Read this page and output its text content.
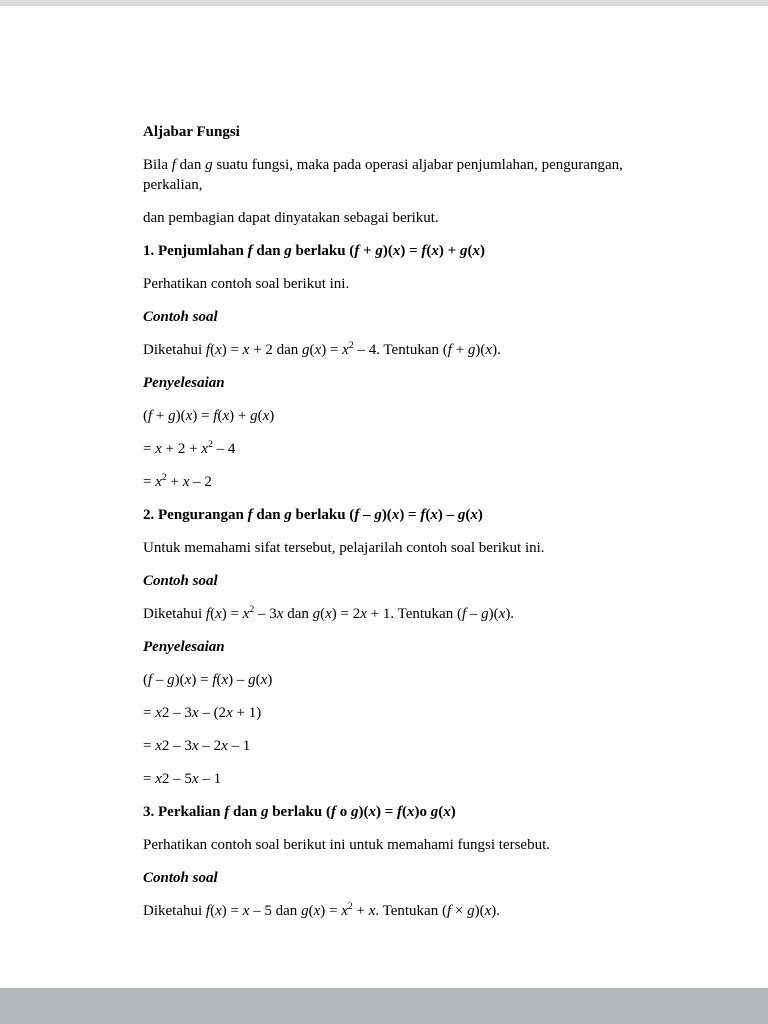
Aljabar Fungsi

Bila f dan g suatu fungsi, maka pada operasi aljabar penjumlahan, pengurangan, perkalian,

dan pembagian dapat dinyatakan sebagai berikut.

1. Penjumlahan f dan g berlaku (f + g)(x) = f(x) + g(x)

Perhatikan contoh soal berikut ini.

Contoh soal

Diketahui f(x) = x + 2 dan $g(x) = x^2 - 4$. Tentukan (f + g)(x).

Penyelesaian

(f + g)(x) = f(x) + g(x)

= $x + 2 + x^2 - 4$

= $x^2 + x - 2$

2. Pengurangan f dan g berlaku (f – g)(x) = f(x) – g(x)

Untuk memahami sifat tersebut, pelajarilah contoh soal berikut ini.

Contoh soal

Diketahui $f(x) = x^2 - 3x$ dan g(x) = 2x + 1. Tentukan (f – g)(x).

Penyelesaian

(f – g)(x) = f(x) – g(x)

= x2 – 3x – (2x + 1)

= x2 – 3x – 2x – 1

= x2 – 5x – 1

3. Perkalian f dan g berlaku (f o g)(x) = f(x)o g(x)

Perhatikan contoh soal berikut ini untuk memahami fungsi tersebut.

Contoh soal

Diketahui f(x) = x – 5 dan $g(x) = x^2 + x$. Tentukan (f × g)(x).
